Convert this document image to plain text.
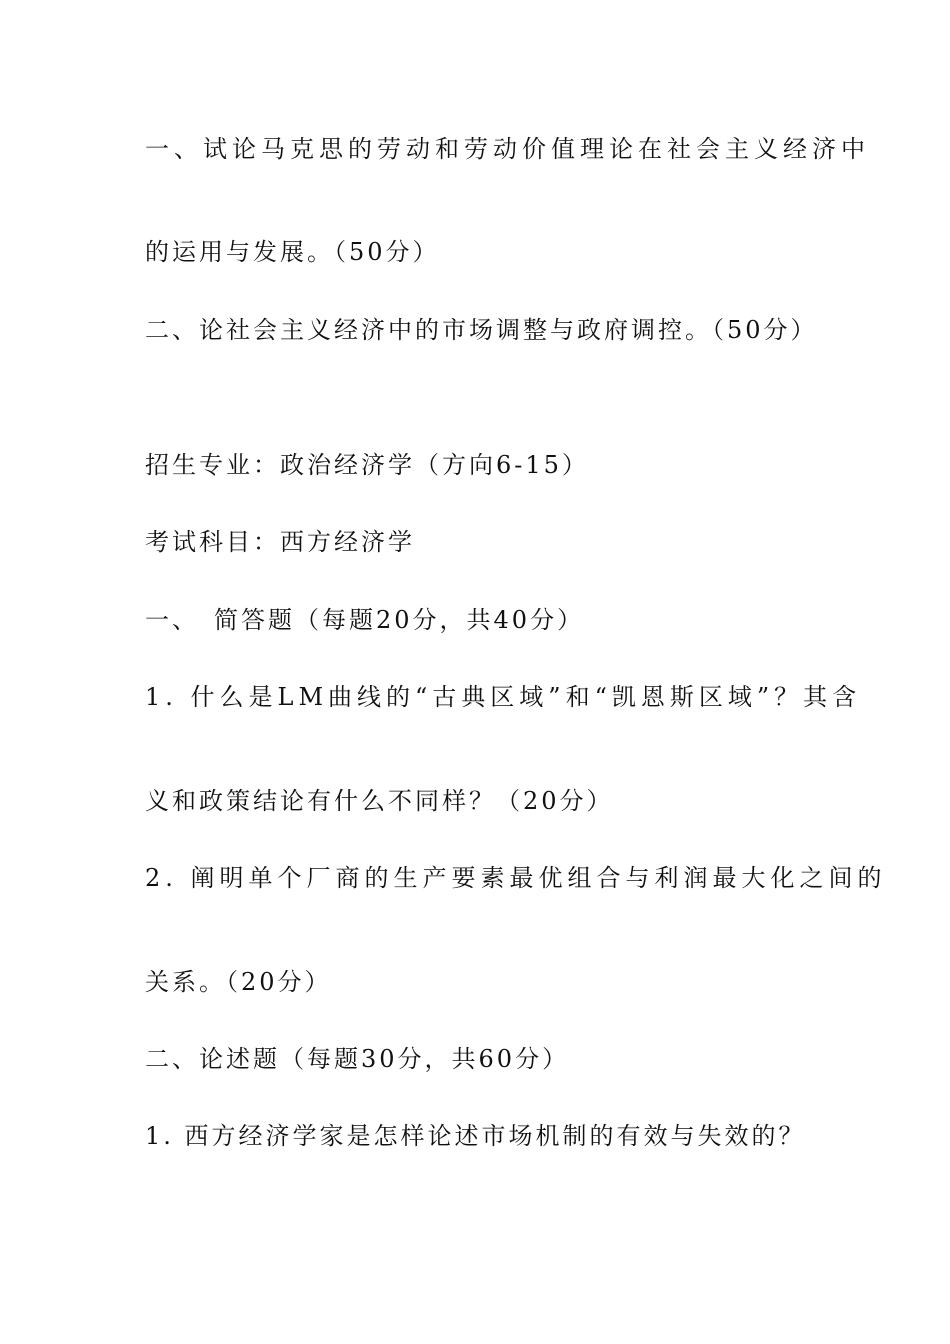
一、试论马克思的劳动和劳动价值理论在社会主义经济中
的运用与发展。（50分）
二、论社会主义经济中的市场调整与政府调控。（50分）
招生专业：政治经济学（方向6-15）
考试科目：西方经济学
一、　简答题（每题20分，共40分）
1. 什么是LM曲线的“古典区域”和“凯恩斯区域”？其含
义和政策结论有什么不同样？（20分）
2. 阐明单个厂商的生产要素最优组合与利润最大化之间的
关系。（20分）
二、论述题（每题30分，共60分）
1. 西方经济学家是怎样论述市场机制的有效与失效的？
